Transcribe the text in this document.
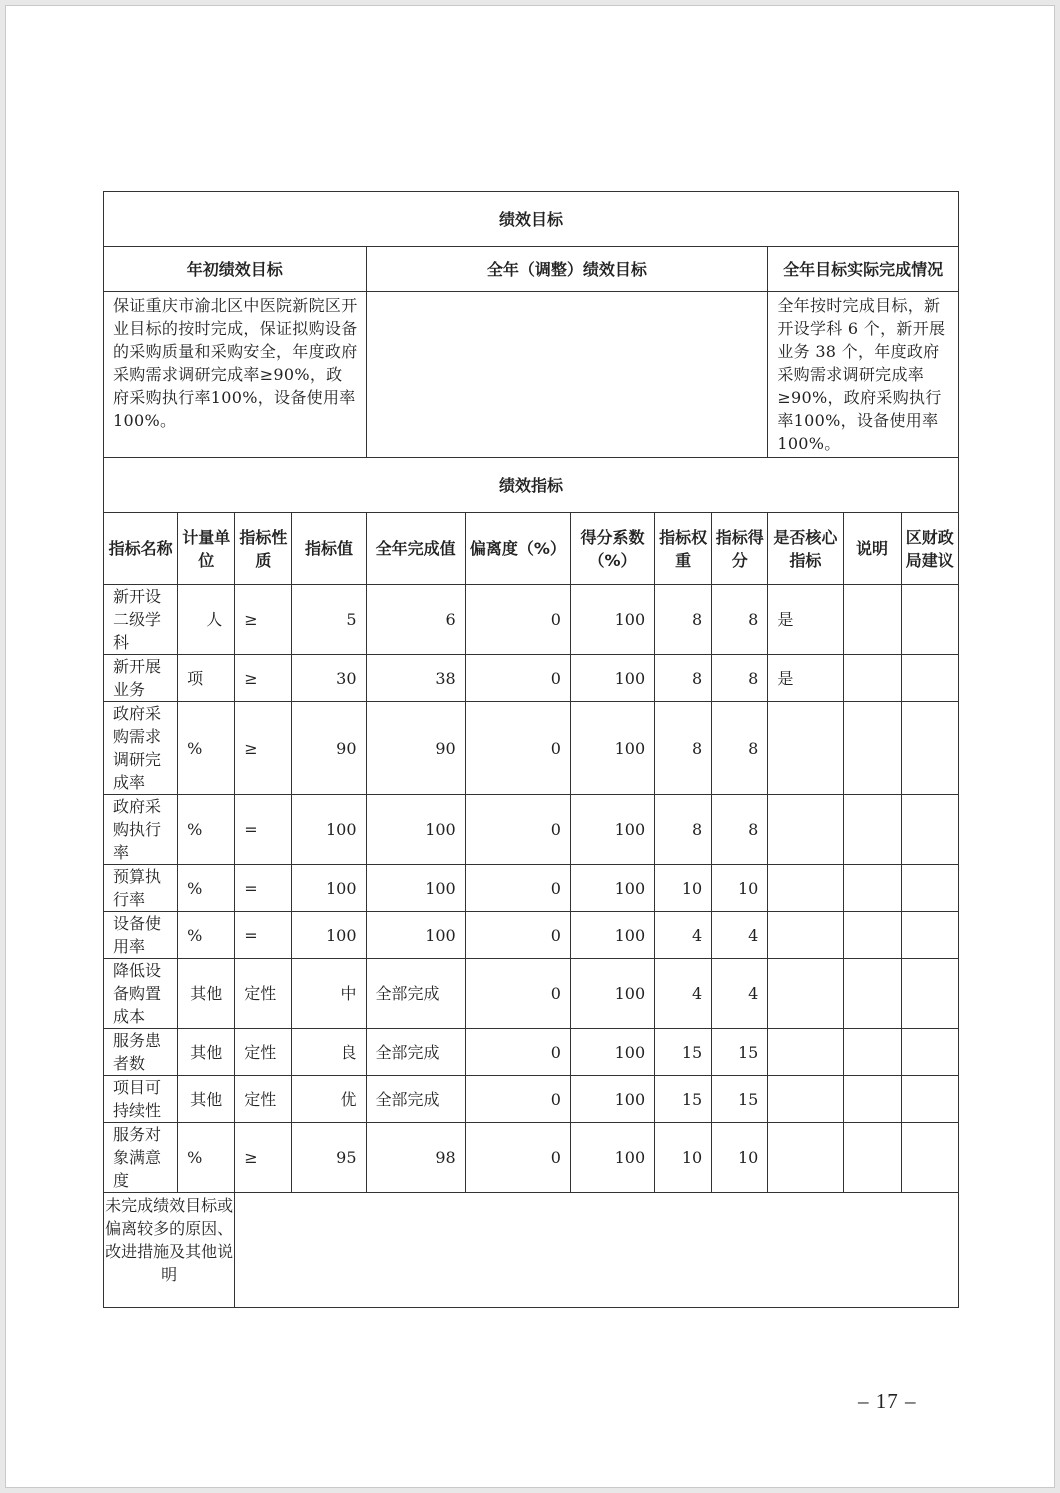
绩效目标											
年初绩效目标				全年（调整）绩效目标					全年目标实际完成情况		
保证重庆市渝北区中医院新院区开业目标的按时完成，保证拟购设备的采购质量和采购安全，年度政府采购需求调研完成率≥90%，政府采购执行率100%，设备使用率100%。									全年按时完成目标，新开设学科 6 个，新开展业务 38 个，年度政府采购需求调研完成率≥90%，政府采购执行率100%，设备使用率 100%。		
绩效指标											
指标名称	计量单位	指标性质	指标值	全年完成值	偏离度（%）	得分系数（%）	指标权重	指标得分	是否核心指标	说明	区财政局建议
新开设二级学科	人	≥	5	6	0	100	8	8	是		
新开展业务	项	≥	30	38	0	100	8	8	是		
政府采购需求调研完成率	%	≥	90	90	0	100	8	8			
政府采购执行率	%	=	100	100	0	100	8	8			
预算执行率	%	=	100	100	0	100	10	10			
设备使用率	%	=	100	100	0	100	4	4			
降低设备购置成本	其他	定性	中	全部完成	0	100	4	4			
服务患者数	其他	定性	良	全部完成	0	100	15	15			
项目可持续性	其他	定性	优	全部完成	0	100	15	15			
服务对象满意度	%	≥	95	98	0	100	10	10			
未完成绩效目标或偏离较多的原因、改进措施及其他说明											
– 17 –
